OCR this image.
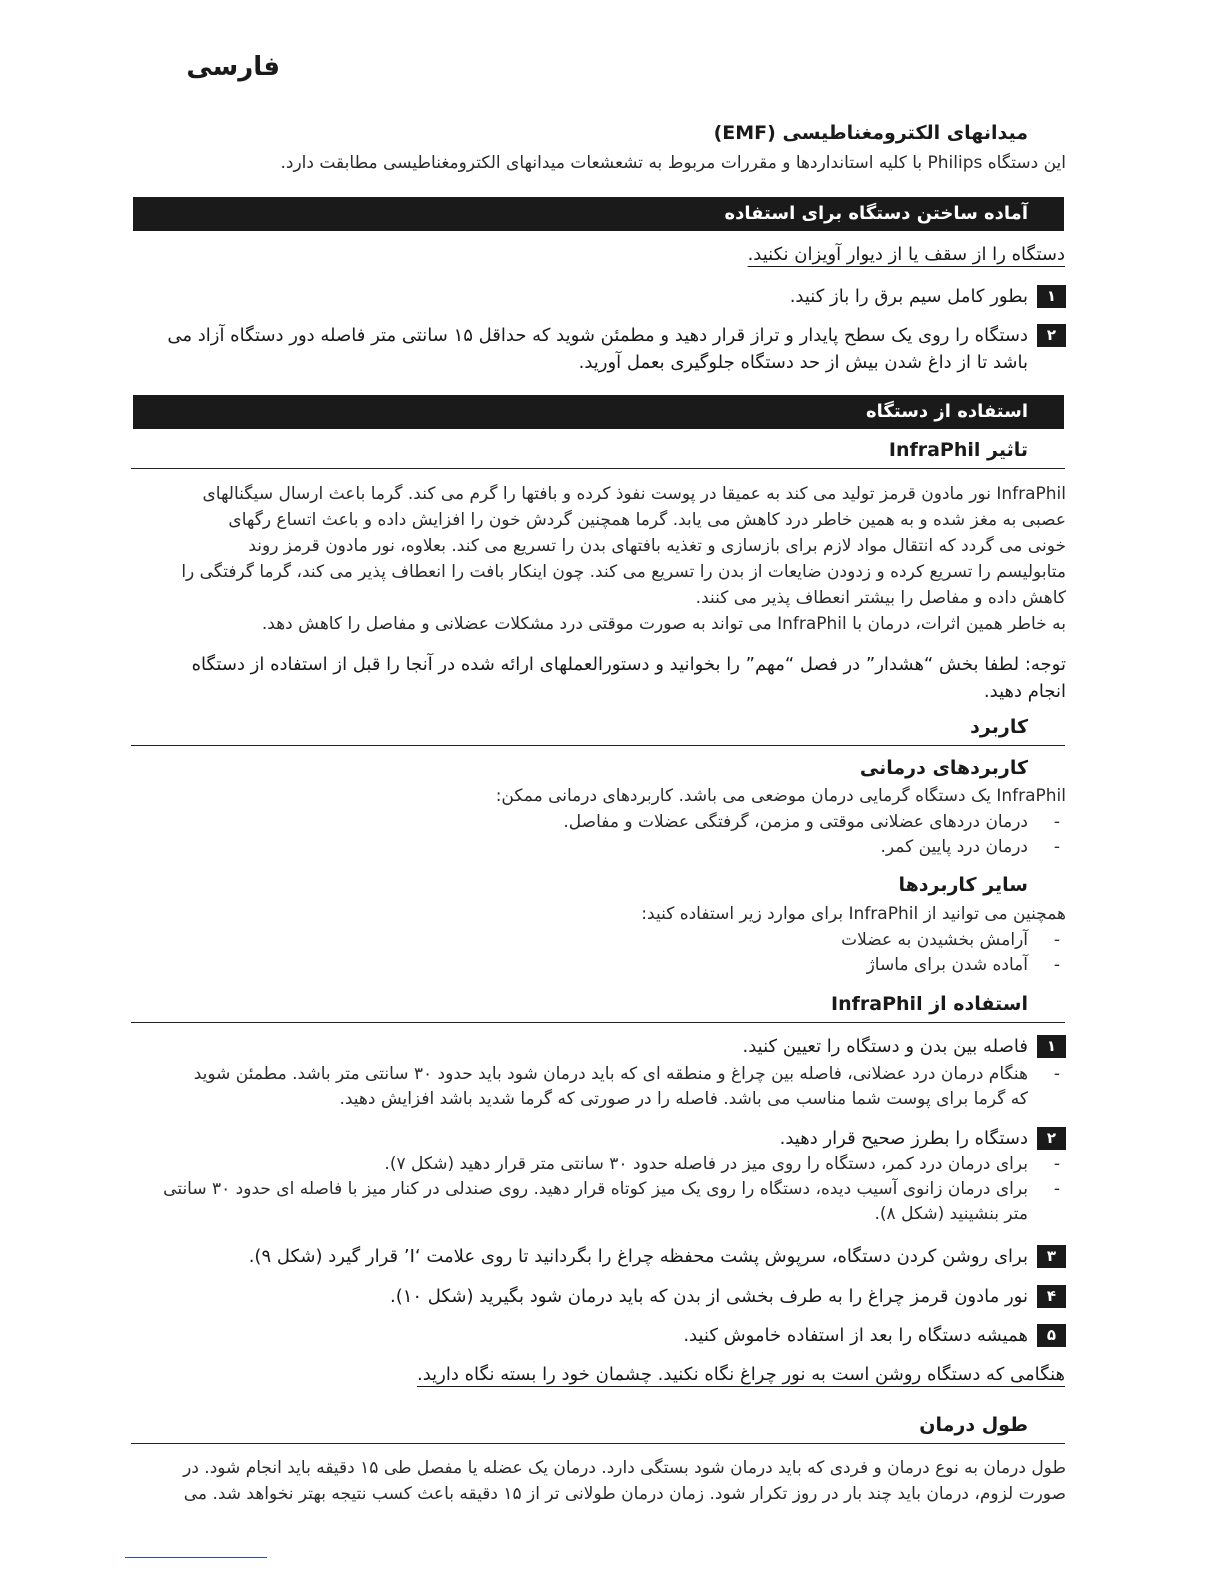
فارسی
میدانهای الکترومغناطیسی (EMF)
این دستگاه Philips با کلیه استانداردها و مقررات مربوط به تشعشعات میدانهای الکترومغناطیسی مطابقت دارد.
آماده ساختن دستگاه برای استفاده
دستگاه را از سقف یا از دیوار آویزان نکنید.
۱
بطور کامل سیم برق را باز کنید.
۲
دستگاه را روی یک سطح پایدار و تراز قرار دهید و مطمئن شوید که حداقل ۱۵ سانتی متر فاصله دور دستگاه آزاد می باشد تا از داغ شدن بیش از حد دستگاه جلوگیری بعمل آورید.
استفاده از دستگاه
تاثیر InfraPhil
InfraPhil نور مادون قرمز تولید می کند به عمیقا در پوست نفوذ کرده و بافتها را گرم می کند. گرما باعث ارسال سیگنالهای
عصبی به مغز شده و به همین خاطر درد کاهش می یابد. گرما همچنین گردش خون را افزایش داده و باعث اتساع رگهای
خونی می گردد که انتقال مواد لازم برای بازسازی و تغذیه بافتهای بدن را تسریع می کند. بعلاوه، نور مادون قرمز روند
متابولیسم را تسریع کرده و زدودن ضایعات از بدن را تسریع می کند. چون اینکار بافت را انعطاف پذیر می کند، گرما گرفتگی را
کاهش داده و مفاصل را بیشتر انعطاف پذیر می کنند.
به خاطر همین اثرات، درمان با InfraPhil می تواند به صورت موقتی درد مشکلات عضلانی و مفاصل را کاهش دهد.
توجه: لطفا بخش “هشدار” در فصل “مهم” را بخوانید و دستورالعملهای ارائه شده در آنجا را قبل از استفاده از دستگاه
انجام دهید.
کاربرد
کاربردهای درمانی
InfraPhil یک دستگاه گرمایی درمان موضعی می باشد. کاربردهای درمانی ممکن:
- درمان دردهای عضلانی موقتی و مزمن، گرفتگی عضلات و مفاصل.
- درمان درد پایین کمر.
سایر کاربردها
همچنین می توانید از InfraPhil برای موارد زیر استفاده کنید:
- آرامش بخشیدن به عضلات
- آماده شدن برای ماساژ
استفاده از InfraPhil
۱
فاصله بین بدن و دستگاه را تعیین کنید.
- هنگام درمان درد عضلانی، فاصله بین چراغ و منطقه ای که باید درمان شود باید حدود ۳۰ سانتی متر باشد. مطمئن شوید
که گرما برای پوست شما مناسب می باشد. فاصله را در صورتی که گرما شدید باشد افزایش دهید.
۲
دستگاه را بطرز صحیح قرار دهید.
- برای درمان درد کمر، دستگاه را روی میز در فاصله حدود ۳۰ سانتی متر قرار دهید (شکل ۷).
- برای درمان زانوی آسیب دیده، دستگاه را روی یک میز کوتاه قرار دهید. روی صندلی در کنار میز با فاصله ای حدود ۳۰ سانتی
متر بنشینید (شکل ۸).
۳
برای روشن کردن دستگاه، سرپوش پشت محفظه چراغ را بگردانید تا روی علامت ‘I’ قرار گیرد (شکل ۹).
۴
نور مادون قرمز چراغ را به طرف بخشی از بدن که باید درمان شود بگیرید (شکل ۱۰).
۵
همیشه دستگاه را بعد از استفاده خاموش کنید.
هنگامی که دستگاه روشن است به نور چراغ نگاه نکنید. چشمان خود را بسته نگاه دارید.
طول درمان
طول درمان به نوع درمان و فردی که باید درمان شود بستگی دارد. درمان یک عضله یا مفصل طی ۱۵ دقیقه باید انجام شود. در
صورت لزوم، درمان باید چند بار در روز تکرار شود. زمان درمان طولانی تر از ۱۵ دقیقه باعث کسب نتیجه بهتر نخواهد شد. می
